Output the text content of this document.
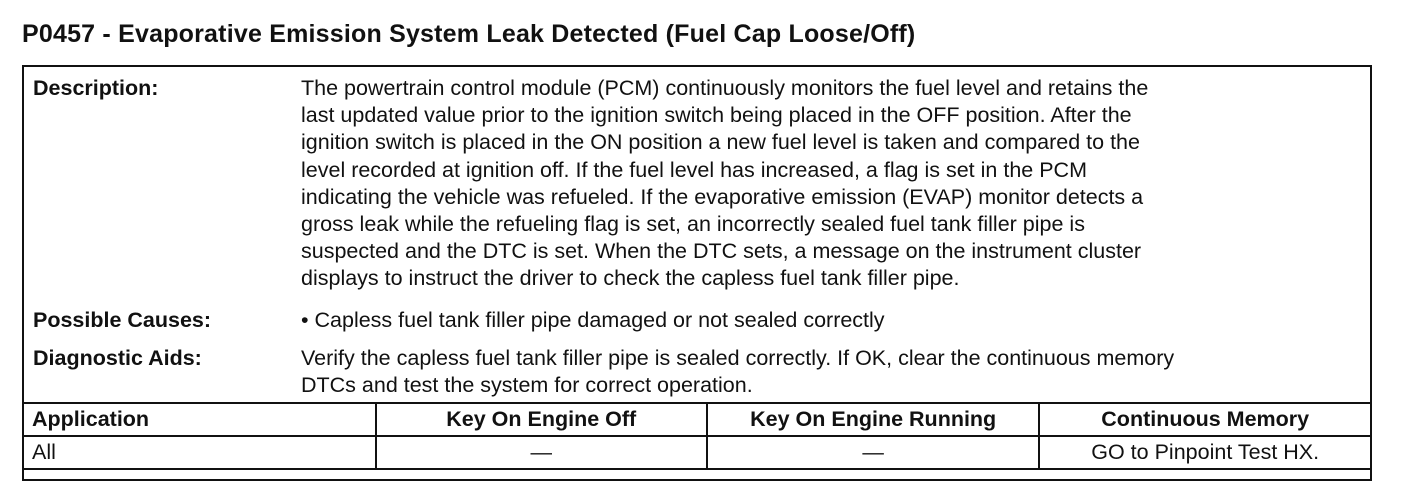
P0457 - Evaporative Emission System Leak Detected (Fuel Cap Loose/Off)
Description:	The powertrain control module (PCM) continuously monitors the fuel level and retains the
last updated value prior to the ignition switch being placed in the OFF position. After the
ignition switch is placed in the ON position a new fuel level is taken and compared to the
level recorded at ignition off. If the fuel level has increased, a flag is set in the PCM
indicating the vehicle was refueled. If the evaporative emission (EVAP) monitor detects a
gross leak while the refueling flag is set, an incorrectly sealed fuel tank filler pipe is
suspected and the DTC is set. When the DTC sets, a message on the instrument cluster
displays to instruct the driver to check the capless fuel tank filler pipe.
Possible Causes:	• Capless fuel tank filler pipe damaged or not sealed correctly
Diagnostic Aids:	Verify the capless fuel tank filler pipe is sealed correctly. If OK, clear the continuous memory
DTCs and test the system for correct operation.
Application	Key On Engine Off	Key On Engine Running	Continuous Memory
All	—	—	GO to Pinpoint Test HX.
